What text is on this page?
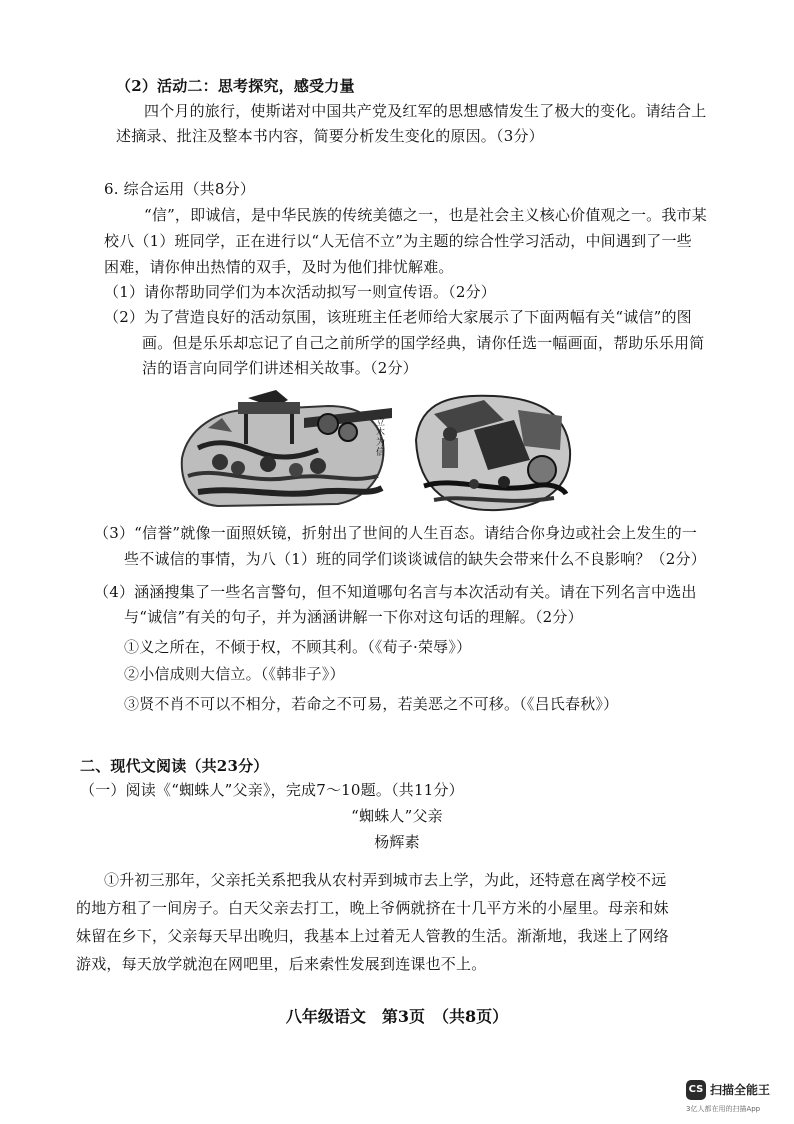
（2）活动二：思考探究，感受力量
四个月的旅行，使斯诺对中国共产党及红军的思想感情发生了极大的变化。请结合上
述摘录、批注及整本书内容，简要分析发生变化的原因。（3分）
6. 综合运用（共8分）
“信”，即诚信，是中华民族的传统美德之一，也是社会主义核心价值观之一。我市某
校八（1）班同学，正在进行以“人无信不立”为主题的综合性学习活动，中间遇到了一些
困难，请你伸出热情的双手，及时为他们排忧解难。
（1）请你帮助同学们为本次活动拟写一则宣传语。（2分）
（2）为了营造良好的活动氛围，该班班主任老师给大家展示了下面两幅有关“诚信”的图
画。但是乐乐却忘记了自己之前所学的国学经典，请你任选一幅画面，帮助乐乐用简
洁的语言向同学们讲述相关故事。（2分）
立木为信
（3）“信誉”就像一面照妖镜，折射出了世间的人生百态。请结合你身边或社会上发生的一
些不诚信的事情，为八（1）班的同学们谈谈诚信的缺失会带来什么不良影响？（2分）
（4）涵涵搜集了一些名言警句，但不知道哪句名言与本次活动有关。请在下列名言中选出
与“诚信”有关的句子，并为涵涵讲解一下你对这句话的理解。（2分）
①义之所在，不倾于权，不顾其利。（《荀子·荣辱》）
②小信成则大信立。（《韩非子》）
③贤不肖不可以不相分，若命之不可易，若美恶之不可移。（《吕氏春秋》）
二、现代文阅读（共23分）
（一）阅读《“蜘蛛人”父亲》，完成7～10题。（共11分）
“蜘蛛人”父亲
杨辉素
①升初三那年，父亲托关系把我从农村弄到城市去上学，为此，还特意在离学校不远
的地方租了一间房子。白天父亲去打工，晚上爷俩就挤在十几平方米的小屋里。母亲和妹
妹留在乡下，父亲每天早出晚归，我基本上过着无人管教的生活。渐渐地，我迷上了网络
游戏，每天放学就泡在网吧里，后来索性发展到连课也不上。
八年级语文　第3页　（共8页）
CS 扫描全能王
3亿人都在用的扫描App
